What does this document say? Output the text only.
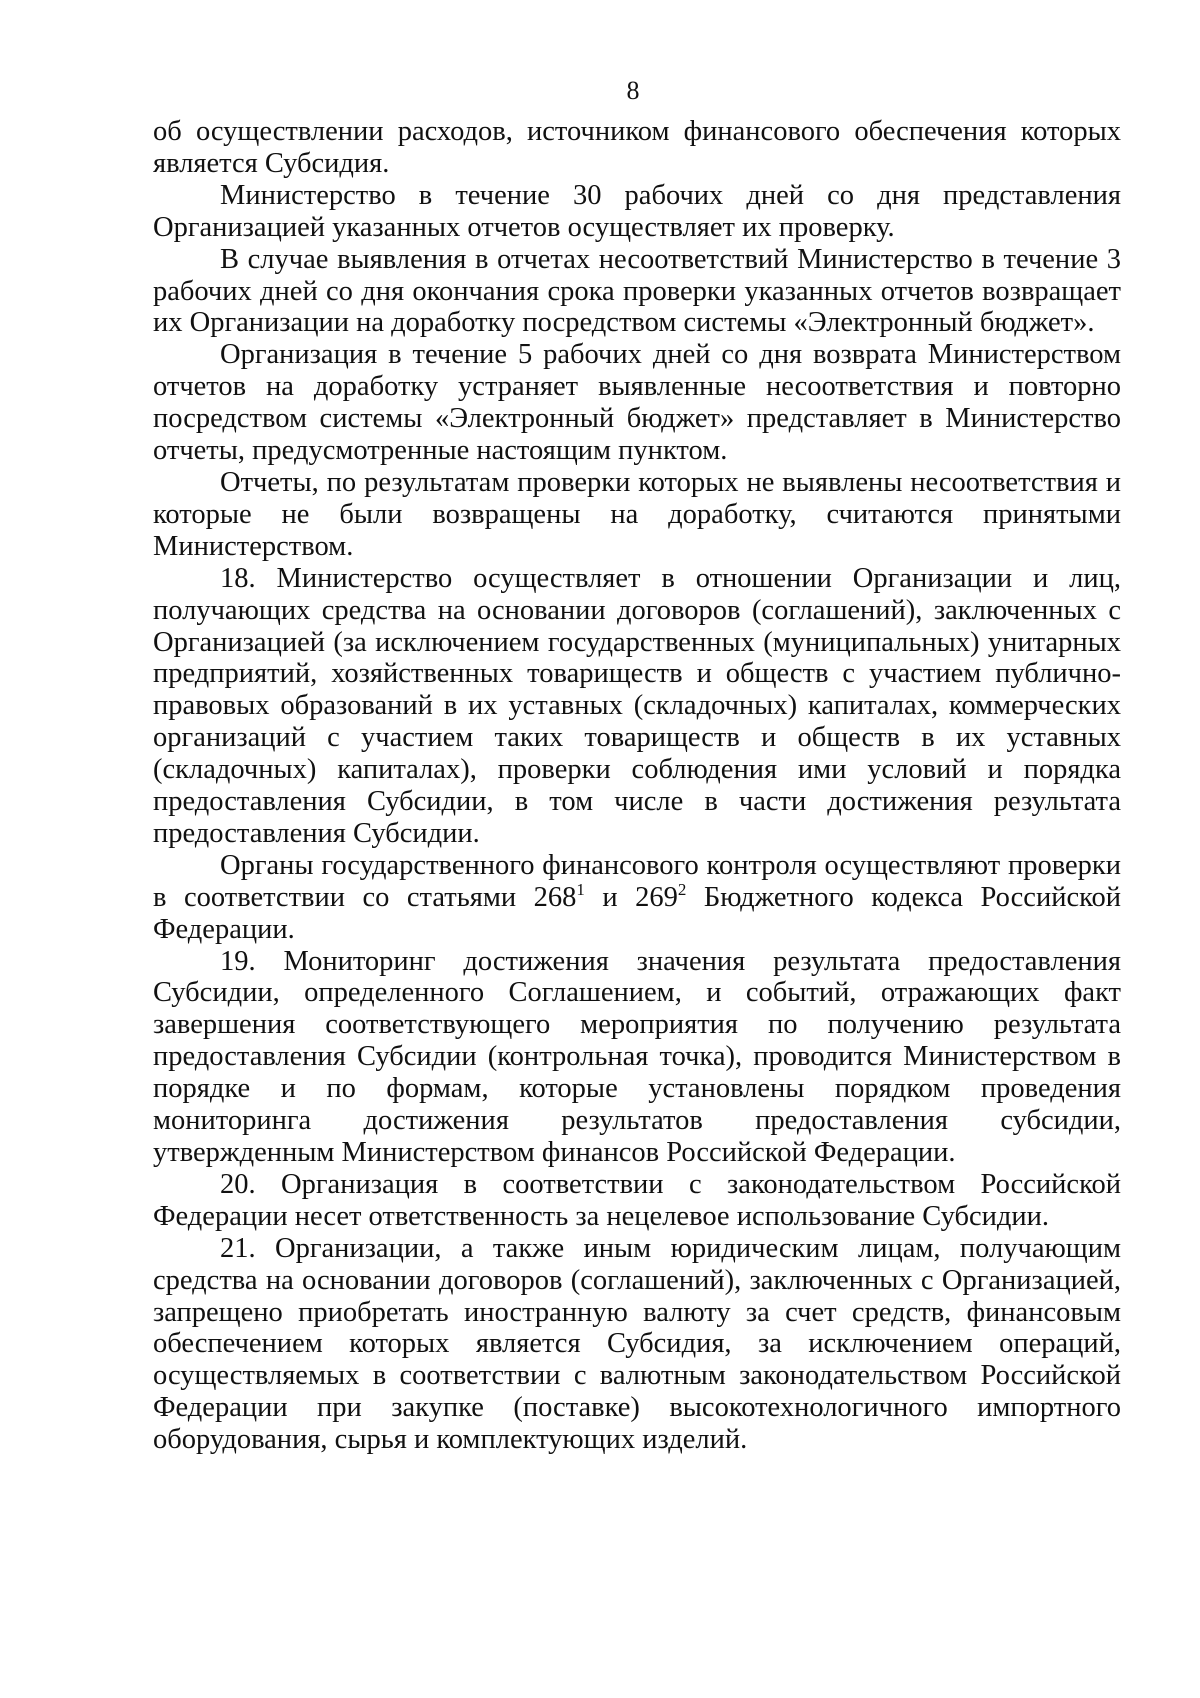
8

об осуществлении расходов, источником финансового обеспечения которых является Субсидия.

Министерство в течение 30 рабочих дней со дня представления Организацией указанных отчетов осуществляет их проверку.

В случае выявления в отчетах несоответствий Министерство в течение 3 рабочих дней со дня окончания срока проверки указанных отчетов возвращает их Организации на доработку посредством системы «Электронный бюджет».

Организация в течение 5 рабочих дней со дня возврата Министерством отчетов на доработку устраняет выявленные несоответствия и повторно посредством системы «Электронный бюджет» представляет в Министерство отчеты, предусмотренные настоящим пунктом.

Отчеты, по результатам проверки которых не выявлены несоответствия и которые не были возвращены на доработку, считаются принятыми Министерством.

18. Министерство осуществляет в отношении Организации и лиц, получающих средства на основании договоров (соглашений), заключенных с Организацией (за исключением государственных (муниципальных) унитарных предприятий, хозяйственных товариществ и обществ с участием публично-правовых образований в их уставных (складочных) капиталах, коммерческих организаций с участием таких товариществ и обществ в их уставных (складочных) капиталах), проверки соблюдения ими условий и порядка предоставления Субсидии, в том числе в части достижения результата предоставления Субсидии.

Органы государственного финансового контроля осуществляют проверки в соответствии со статьями $268^1$ и $269^2$ Бюджетного кодекса Российской Федерации.

19. Мониторинг достижения значения результата предоставления Субсидии, определенного Соглашением, и событий, отражающих факт завершения соответствующего мероприятия по получению результата предоставления Субсидии (контрольная точка), проводится Министерством в порядке и по формам, которые установлены порядком проведения мониторинга достижения результатов предоставления субсидии, утвержденным Министерством финансов Российской Федерации.

20. Организация в соответствии с законодательством Российской Федерации несет ответственность за нецелевое использование Субсидии.

21. Организации, а также иным юридическим лицам, получающим средства на основании договоров (соглашений), заключенных с Организацией, запрещено приобретать иностранную валюту за счет средств, финансовым обеспечением которых является Субсидия, за исключением операций, осуществляемых в соответствии с валютным законодательством Российской Федерации при закупке (поставке) высокотехнологичного импортного оборудования, сырья и комплектующих изделий.
